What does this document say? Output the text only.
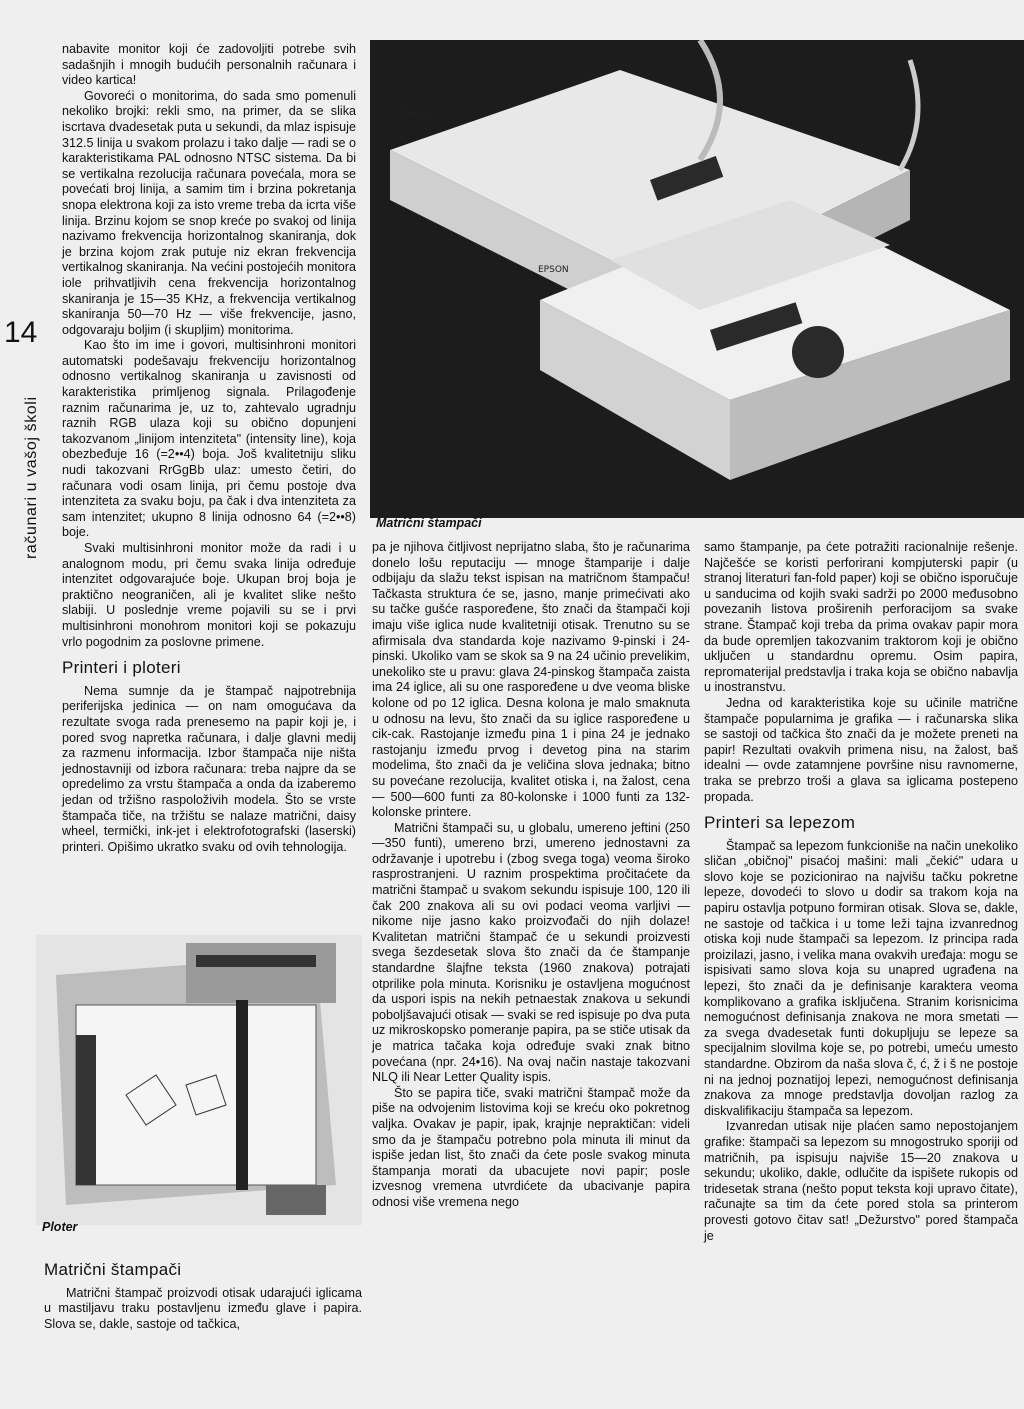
14
računari u vašoj školi

nabavite monitor koji će zadovoljiti potrebe svih sadašnjih i mnogih budućih personalnih računara i video kartica!

Govoreći o monitorima, do sada smo pomenuli nekoliko brojki: rekli smo, na primer, da se slika iscrtava dvadesetak puta u sekundi, da mlaz ispisuje 312.5 linija u svakom prolazu i tako dalje — radi se o karakteristikama PAL odnosno NTSC sistema. Da bi se vertikalna rezolucija računara povećala, mora se povećati broj linija, a samim tim i brzina pokretanja snopa elektrona koji za isto vreme treba da icrta više linija. Brzinu kojom se snop kreće po svakoj od linija nazivamo frekvencija horizontalnog skaniranja, dok je brzina kojom zrak putuje niz ekran frekvencija vertikalnog skaniranja. Na većini postojećih monitora iole prihvatljivih cena frekvencija horizontalnog skaniranja je 15—35 KHz, a frekvencija vertikalnog skaniranja 50—70 Hz — više frekvencije, jasno, odgovaraju boljim (i skupljim) monitorima.

Kao što im ime i govori, multisinhroni monitori automatski podešavaju frekvenciju horizontalnog odnosno vertikalnog skaniranja u zavisnosti od karakteristika primljenog signala. Prilagođenje raznim računarima je, uz to, zahtevalo ugradnju raznih RGB ulaza koji su obično dopunjeni takozvanom „linijom intenziteta" (intensity line), koja obezbeđuje 16 (=2••4) boja. Još kvalitetniju sliku nudi takozvani RrGgBb ulaz: umesto četiri, do računara vodi osam linija, pri čemu postoje dva intenziteta za svaku boju, pa čak i dva intenziteta za sam intenzitet; ukupno 8 linija odnosno 64 (=2••8) boje.

Svaki multisinhroni monitor može da radi i u analognom modu, pri čemu svaka linija određuje intenzitet odgovarajuće boje. Ukupan broj boja je praktično neograničen, ali je kvalitet slike nešto slabiji. U poslednje vreme pojavili su se i prvi multisinhroni monohrom monitori koji se pokazuju vrlo pogodnim za poslovne primene.

Printeri i ploteri

Nema sumnje da je štampač najpotrebnija periferijska jedinica — on nam omogućava da rezultate svoga rada prenesemo na papir koji je, i pored svog napretka računara, i dalje glavni medij za razmenu informacija. Izbor štampača nije ništa jednostavniji od izbora računara: treba najpre da se opredelimo za vrstu štampača a onda da izaberemo jedan od tržišno raspoloživih modela. Što se vrste štampača tiče, na tržištu se nalaze matrični, daisy wheel, termički, ink-jet i elektrofotografski (laserski) printeri. Opišimo ukratko svaku od ovih tehnologija.

Ploter
Matrični štampači

Matrični štampač proizvodi otisak udarajući iglicama u mastiljavu traku postavljenu između glave i papira. Slova se, dakle, sastoje od tačkica,

EPSON
EPSON
Matrični štampači

pa je njihova čitljivost neprijatno slaba, što je računarima donelo lošu reputaciju — mnoge štamparije i dalje odbijaju da slažu tekst ispisan na matričnom štampaču! Tačkasta struktura će se, jasno, manje primećivati ako su tačke gušće raspoređene, što znači da štampači koji imaju više iglica nude kvalitetniji otisak. Trenutno su se afirmisala dva standarda koje nazivamo 9-pinski i 24-pinski. Ukoliko vam se skok sa 9 na 24 učinio prevelikim, unekoliko ste u pravu: glava 24-pinskog štampača zaista ima 24 iglice, ali su one raspoređene u dve veoma bliske kolone od po 12 iglica. Desna kolona je malo smaknuta u odnosu na levu, što znači da su iglice raspoređene u cik-cak. Rastojanje između pina 1 i pina 24 je jednako rastojanju između prvog i devetog pina na starim modelima, što znači da je veličina slova jednaka; bitno su povećane rezolucija, kvalitet otiska i, na žalost, cena — 500—600 funti za 80-kolonske i 1000 funti za 132-kolonske printere.

Matrični štampači su, u globalu, umereno jeftini (250—350 funti), umereno brzi, umereno jednostavni za održavanje i upotrebu i (zbog svega toga) veoma široko rasprostranjeni. U raznim prospektima pročitaćete da matrični štampač u svakom sekundu ispisuje 100, 120 ili čak 200 znakova ali su ovi podaci veoma varljivi — nikome nije jasno kako proizvođači do njih dolaze! Kvalitetan matrični štampač će u sekundi proizvesti svega šezdesetak slova što znači da će štampanje standardne šlajfne teksta (1960 znakova) potrajati otprilike pola minuta. Korisniku je ostavljena mogućnost da uspori ispis na nekih petnaestak znakova u sekundi poboljšavajući otisak — svaki se red ispisuje po dva puta uz mikroskopsko pomeranje papira, pa se stiče utisak da je matrica tačaka koja određuje svaki znak bitno povećana (npr. 24•16). Na ovaj način nastaje takozvani NLQ ili Near Letter Quality ispis.

Što se papira tiče, svaki matrični štampač može da piše na odvojenim listovima koji se kreću oko pokretnog valjka. Ovakav je papir, ipak, krajnje nepraktičan: videli smo da je štampaču potrebno pola minuta ili minut da ispiše jedan list, što znači da ćete posle svakog minuta štampanja morati da ubacujete novi papir; posle izvesnog vremena utvrdićete da ubacivanje papira odnosi više vremena nego

samo štampanje, pa ćete potražiti racionalnije rešenje. Najčešće se koristi perforirani kompjuterski papir (u stranoj literaturi fan-fold paper) koji se obično isporučuje u sanducima od kojih svaki sadrži po 2000 međusobno povezanih listova proširenih perforacijom sa svake strane. Štampač koji treba da prima ovakav papir mora da bude opremljen takozvanim traktorom koji je obično uključen u standardnu opremu. Osim papira, repromaterijal predstavlja i traka koja se obično nabavlja u inostranstvu.

Jedna od karakteristika koje su učinile matrične štampače popularnima je grafika — i računarska slika se sastoji od tačkica što znači da je možete preneti na papir! Rezultati ovakvih primena nisu, na žalost, baš idealni — ovde zatamnjene površine nisu ravnomerne, traka se prebrzo troši a glava sa iglicama postepeno propada.

Printeri sa lepezom

Štampač sa lepezom funkcioniše na način unekoliko sličan „običnoj" pisaćoj mašini: mali „čekić" udara u slovo koje se pozicionirao na najvišu tačku pokretne lepeze, dovodeći to slovo u dodir sa trakom koja na papiru ostavlja potpuno formiran otisak. Slova se, dakle, ne sastoje od tačkica i u tome leži tajna izvanrednog otiska koji nude štampači sa lepezom. Iz principa rada proizilazi, jasno, i velika mana ovakvih uređaja: mogu se ispisivati samo slova koja su unapred ugrađena na lepezi, što znači da je definisanje karaktera veoma komplikovano a grafika isključena. Stranim korisnicima nemogućnost definisanja znakova ne mora smetati — za svega dvadesetak funti dokupljuju se lepeze sa specijalnim slovilma koje se, po potrebi, umeću umesto standardne. Obzirom da naša slova č, ć, ž i š ne postoje ni na jednoj poznatijoj lepezi, nemogućnost definisanja znakova za mnoge predstavlja dovoljan razlog za diskvalifikaciju štampača sa lepezom.

Izvanredan utisak nije plaćen samo nepostojanjem grafike: štampači sa lepezom su mnogostruko sporiji od matričnih, pa ispisuju najviše 15—20 znakova u sekundu; ukoliko, dakle, odlučite da ispišete rukopis od tridesetak strana (nešto poput teksta koji upravo čitate), računajte sa tim da ćete pored stola sa printerom provesti gotovo čitav sat! „Dežurstvo" pored štampača je
